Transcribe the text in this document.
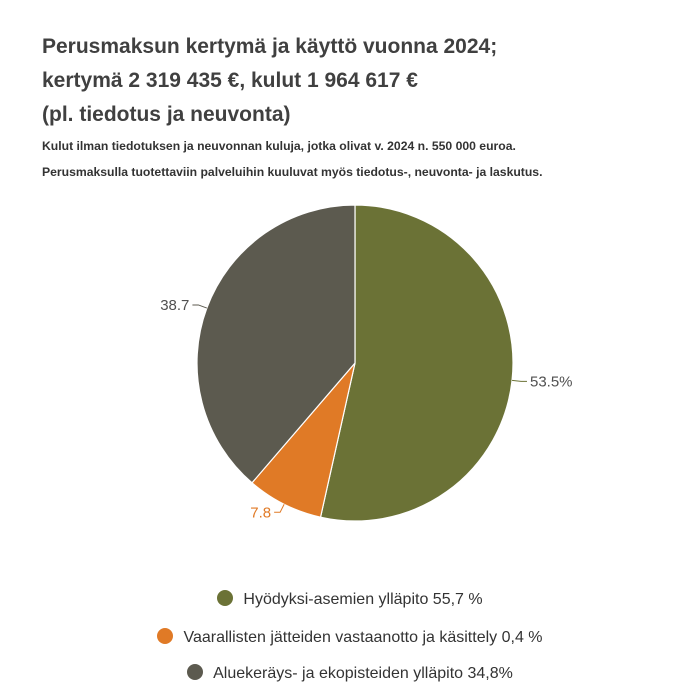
Perusmaksun kertymä ja käyttö vuonna 2024;
kertymä 2 319 435 €, kulut 1 964 617 €
(pl. tiedotus ja neuvonta)
Kulut ilman tiedotuksen ja neuvonnan kuluja, jotka olivat v. 2024 n. 550 000 euroa.
Perusmaksulla tuotettaviin palveluihin kuuluvat myös tiedotus-, neuvonta- ja laskutus.
53.5%
7.8
38.7
Hyödyksi-asemien ylläpito 55,7 %
Vaarallisten jätteiden vastaanotto ja käsittely 0,4 %
Aluekeräys- ja ekopisteiden ylläpito 34,8%
